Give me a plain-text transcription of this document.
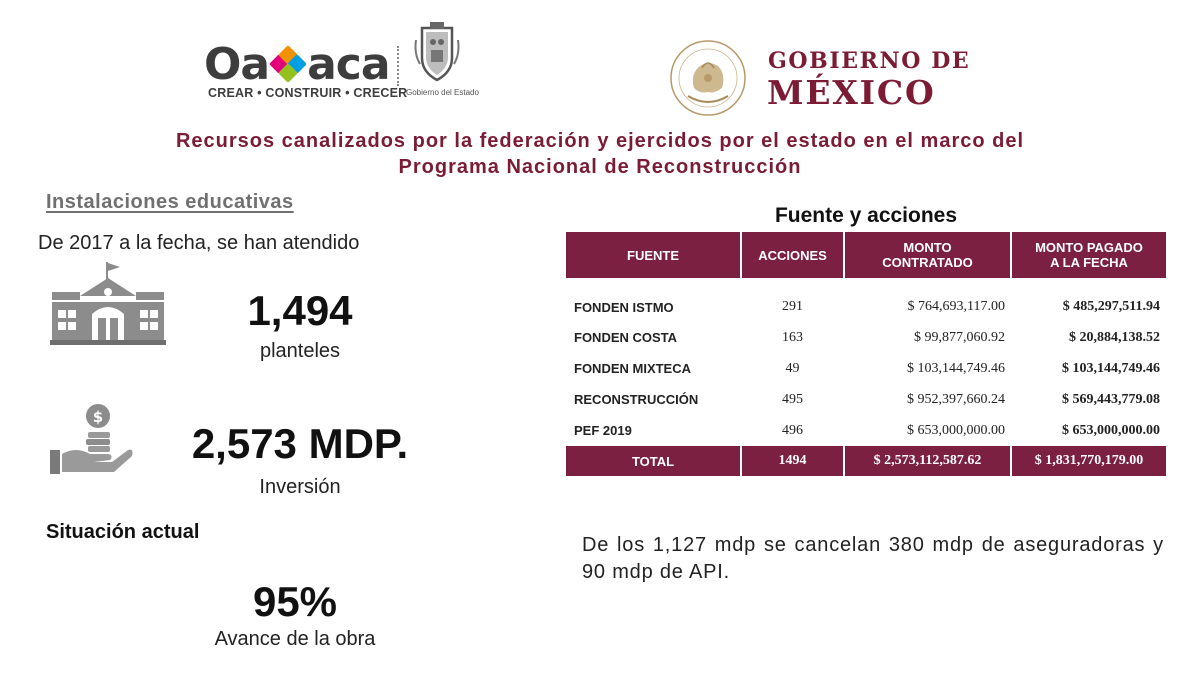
Oa aca
CREAR • CONSTRUIR • CRECER
Gobierno del Estado
GOBIERNO DE
MÉXICO
Recursos canalizados por la federación y ejercidos por el estado en el marco del
Programa Nacional de Reconstrucción
Instalaciones educativas
De 2017 a la fecha, se han atendido
1,494
planteles
$
2,573 MDP.
Inversión
Situación actual
95%
Avance de la obra
Fuente y acciones
FUENTE	ACCIONES	MONTO CONTRATADO	MONTO PAGADO A LA FECHA
FONDEN ISTMO	291	$ 764,693,117.00	$ 485,297,511.94
FONDEN COSTA	163	$ 99,877,060.92	$ 20,884,138.52
FONDEN MIXTECA	49	$ 103,144,749.46	$ 103,144,749.46
RECONSTRUCCIÓN	495	$ 952,397,660.24	$ 569,443,779.08
PEF 2019	496	$ 653,000,000.00	$ 653,000,000.00
TOTAL	1494	$ 2,573,112,587.62	$ 1,831,770,179.00
De los 1,127 mdp se cancelan 380 mdp de aseguradoras y 90 mdp de API.
